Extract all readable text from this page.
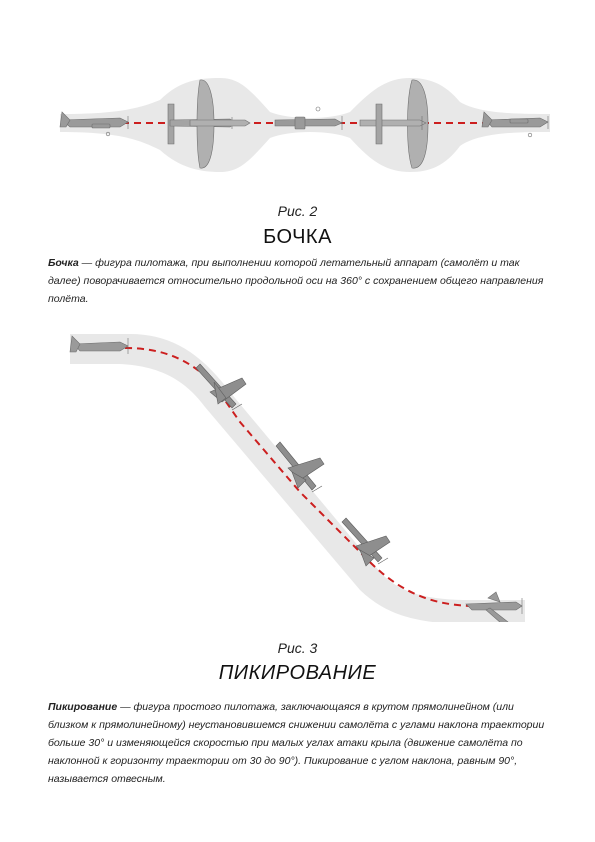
Рис. 2
БОЧКА

Бочка — фигура пилотажа, при выполнении которой летательный аппарат (самолёт и так далее) поворачивается относительно продольной оси на 360° с сохранением общего направления полёта.

Рис. 3
ПИКИРОВАНИЕ

Пикирование — фигура простого пилотажа, заключающаяся в крутом прямолинейном (или близком к прямолинейному) неустановившемся снижении самолёта с углами наклона траектории больше 30° и изменяющейся скоростью при малых углах атаки крыла (движение самолёта по наклонной к горизонту траектории от 30 до 90°). Пикирование с углом наклона, равным 90°, называется отвесным.
